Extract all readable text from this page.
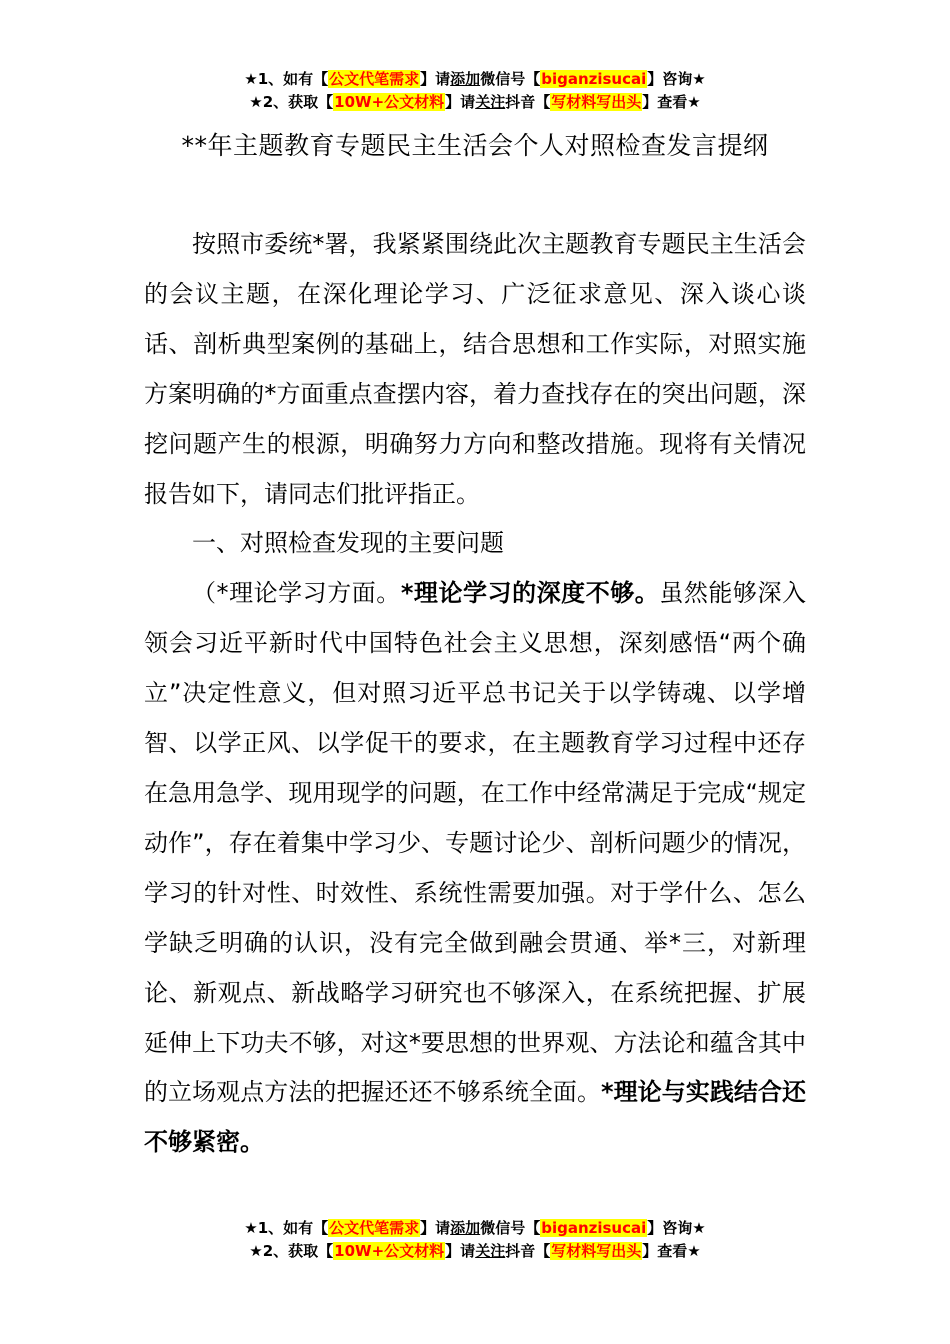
★1、如有【公文代笔需求】请添加微信号【biganzisucai】咨询★
★2、获取【10W+公文材料】请关注抖音【写材料写出头】查看★
**年主题教育专题民主生活会个人对照检查发言提纲

按照市委统*署，我紧紧围绕此次主题教育专题民主生活会的会议主题，在深化理论学习、广泛征求意见、深入谈心谈话、剖析典型案例的基础上，结合思想和工作实际，对照实施方案明确的*方面重点查摆内容，着力查找存在的突出问题，深挖问题产生的根源，明确努力方向和整改措施。现将有关情况报告如下，请同志们批评指正。

一、对照检查发现的主要问题

（*理论学习方面。*理论学习的深度不够。虽然能够深入领会习近平新时代中国特色社会主义思想，深刻感悟“两个确立”决定性意义，但对照习近平总书记关于以学铸魂、以学增智、以学正风、以学促干的要求，在主题教育学习过程中还存在急用急学、现用现学的问题，在工作中经常满足于完成“规定动作”，存在着集中学习少、专题讨论少、剖析问题少的情况，学习的针对性、时效性、系统性需要加强。对于学什么、怎么学缺乏明确的认识，没有完全做到融会贯通、举*三，对新理论、新观点、新战略学习研究也不够深入，在系统把握、扩展延伸上下功夫不够，对这*要思想的世界观、方法论和蕴含其中的立场观点方法的把握还还不够系统全面。*理论与实践结合还不够紧密。

★1、如有【公文代笔需求】请添加微信号【biganzisucai】咨询★
★2、获取【10W+公文材料】请关注抖音【写材料写出头】查看★
